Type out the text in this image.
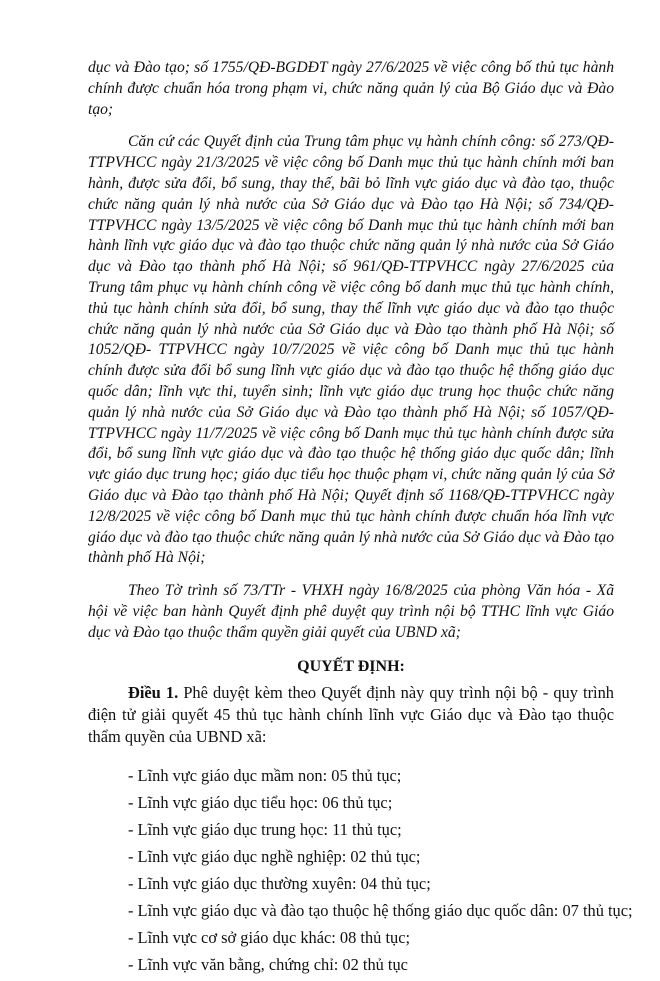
dục và Đào tạo; số 1755/QĐ-BGDĐT ngày 27/6/2025 về việc công bố thủ tục hành chính được chuẩn hóa trong phạm vi, chức năng quản lý của Bộ Giáo dục và Đào tạo;

Căn cứ các Quyết định của Trung tâm phục vụ hành chính công: số 273/QĐ-TTPVHCC ngày 21/3/2025 về việc công bố Danh mục thủ tục hành chính mới ban hành, được sửa đổi, bổ sung, thay thế, bãi bỏ lĩnh vực giáo dục và đào tạo, thuộc chức năng quản lý nhà nước của Sở Giáo dục và Đào tạo Hà Nội; số 734/QĐ- TTPVHCC ngày 13/5/2025 về việc công bố Danh mục thủ tục hành chính mới ban hành lĩnh vực giáo dục và đào tạo thuộc chức năng quản lý nhà nước của Sở Giáo dục và Đào tạo thành phố Hà Nội; số 961/QĐ-TTPVHCC ngày 27/6/2025 của Trung tâm phục vụ hành chính công về việc công bố danh mục thủ tục hành chính, thủ tục hành chính sửa đổi, bổ sung, thay thế lĩnh vực giáo dục và đào tạo thuộc chức năng quản lý nhà nước của Sở Giáo dục và Đào tạo thành phố Hà Nội; số 1052/QĐ- TTPVHCC ngày 10/7/2025 về việc công bố Danh mục thủ tục hành chính được sửa đổi bổ sung lĩnh vực giáo dục và đào tạo thuộc hệ thống giáo dục quốc dân; lĩnh vực thi, tuyển sinh; lĩnh vực giáo dục trung học thuộc chức năng quản lý nhà nước của Sở Giáo dục và Đào tạo thành phố Hà Nội; số 1057/QĐ-TTPVHCC ngày 11/7/2025 về việc công bố Danh mục thủ tục hành chính được sửa đổi, bổ sung lĩnh vực giáo dục và đào tạo thuộc hệ thống giáo dục quốc dân; lĩnh vực giáo dục trung học; giáo dục tiểu học thuộc phạm vi, chức năng quản lý của Sở Giáo dục và Đào tạo thành phố Hà Nội; Quyết định số 1168/QĐ-TTPVHCC ngày 12/8/2025 về việc công bố Danh mục thủ tục hành chính được chuẩn hóa lĩnh vực giáo dục và đào tạo thuộc chức năng quản lý nhà nước của Sở Giáo dục và Đào tạo thành phố Hà Nội;

Theo Tờ trình số 73/TTr - VHXH ngày 16/8/2025 của phòng Văn hóa - Xã hội về việc ban hành Quyết định phê duyệt quy trình nội bộ TTHC lĩnh vực Giáo dục và Đào tạo thuộc thẩm quyền giải quyết của UBND xã;

QUYẾT ĐỊNH:

Điều 1. Phê duyệt kèm theo Quyết định này quy trình nội bộ - quy trình điện tử giải quyết 45 thủ tục hành chính lĩnh vực Giáo dục và Đào tạo thuộc thẩm quyền của UBND xã:

- Lĩnh vực giáo dục mầm non: 05 thủ tục;
- Lĩnh vực giáo dục tiểu học: 06 thủ tục;
- Lĩnh vực giáo dục trung học: 11 thủ tục;
- Lĩnh vực giáo dục nghề nghiệp: 02 thủ tục;
- Lĩnh vực giáo dục thường xuyên: 04 thủ tục;
- Lĩnh vực giáo dục và đào tạo thuộc hệ thống giáo dục quốc dân: 07 thủ tục;
- Lĩnh vực cơ sở giáo dục khác: 08 thủ tục;
- Lĩnh vực văn bằng, chứng chỉ: 02 thủ tục
